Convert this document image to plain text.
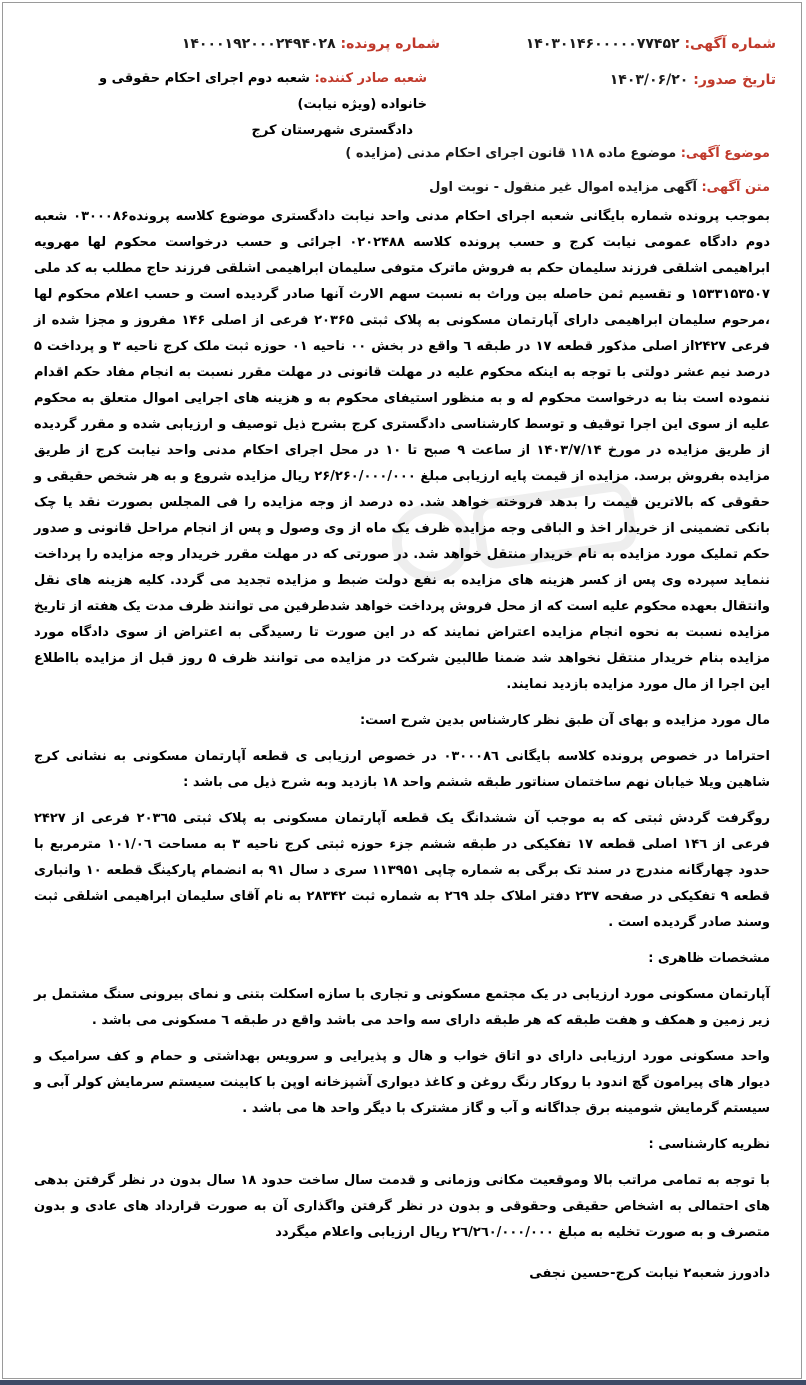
شماره آگهی: ۱۴۰۳۰۱۴۶۰۰۰۰۰۷۷۴۵۲
شماره پرونده: ۱۴۰۰۰۱۹۲۰۰۰۲۴۹۴۰۲۸
تاریخ صدور: ۱۴۰۳/۰۶/۲۰
شعبه صادر کننده: شعبه دوم اجرای احکام حقوقی و خانواده (ویژه نیابت)
دادگستری شهرستان کرج
موضوع آگهی: موضوع ماده ۱۱۸ قانون اجرای احکام مدنی (مزایده )
متن آگهی: آگهی مزایده اموال غیر منقول - نوبت اول

بموجب پرونده شماره بایگانی شعبه اجرای احکام مدنی واحد نیابت دادگستری موضوع کلاسه پرونده۰۳۰۰۰۸۶ شعبه دوم دادگاه عمومی نیابت کرج و حسب پرونده کلاسه ۰۲۰۲۴۸۸ اجرائی و حسب درخواست محکوم لها مهرویه ابراهیمی اشلقی فرزند سلیمان حکم به فروش ماترک متوفی سلیمان ابراهیمی اشلقی فرزند حاج مطلب به کد ملی ۱۵۳۳۱۵۳۵۰۷ و تقسیم ثمن حاصله بین وراث به نسبت سهم الارث آنها صادر گردیده است و حسب اعلام محکوم لها ،مرحوم سلیمان ابراهیمی دارای آپارتمان مسکونی به پلاک ثبتی ۲۰۳۶۵ فرعی از اصلی ۱۴۶ مفروز و مجزا شده از فرعی ۲۴۲۷از اصلی مذکور قطعه ۱۷ در طبقه ٦ واقع در بخش ۰۰ ناحیه ۰۱ حوزه ثبت ملک کرج ناحیه ۳ و پرداخت ۵ درصد نیم عشر دولتی با توجه به اینکه محکوم علیه در مهلت قانونی در مهلت مقرر نسبت به انجام مفاد حکم اقدام ننموده است بنا به درخواست محکوم له و به منظور استیفای محکوم به و هزینه های اجرایی اموال متعلق به محکوم علیه از سوی این اجرا توقیف و توسط کارشناسی دادگستری کرج بشرح ذیل توصیف و ارزیابی شده و مقرر گردیده از طریق مزایده در مورخ ۱۴۰۳/۷/۱۴ از ساعت ۹ صبح تا ۱۰ در محل اجرای احکام مدنی واحد نیابت کرج از طریق مزایده بفروش برسد. مزایده از قیمت پایه ارزیابی مبلغ ۲۶/۲۶۰/۰۰۰/۰۰۰ ریال مزایده شروع و به هر شخص حقیقی و حقوقی که بالاترین قیمت را بدهد فروخته خواهد شد. ده درصد از وجه مزایده را فی المجلس بصورت نقد یا چک بانکی تضمینی از خریدار اخذ و الباقی وجه مزایده ظرف یک ماه از وی وصول و پس از انجام مراحل قانونی و صدور حکم تملیک مورد مزایده به نام خریدار منتقل خواهد شد. در صورتی که در مهلت مقرر خریدار وجه مزایده را پرداخت ننماید سپرده وی پس از کسر هزینه های مزایده به نفع دولت ضبط و مزایده تجدید می گردد. کلیه هزینه های نقل وانتقال بعهده محکوم علیه است که از محل فروش پرداخت خواهد شدطرفین می توانند ظرف مدت یک هفته از تاریخ مزایده نسبت به نحوه انجام مزایده اعتراض نمایند که در این صورت تا رسیدگی به اعتراض از سوی دادگاه مورد مزایده بنام خریدار منتقل نخواهد شد ضمنا طالبین شرکت در مزایده می توانند ظرف ۵ روز قبل از مزایده بااطلاع این اجرا از مال مورد مزایده بازدید نمایند.

مال مورد مزایده و بهای آن طبق نظر کارشناس بدین شرح است:

احتراما در خصوص پرونده کلاسه بایگانی ۰۳۰۰۰۸٦ در خصوص ارزیابی ی قطعه آپارتمان مسکونی به نشانی کرج شاهین ویلا خیابان نهم ساختمان سناتور طبقه ششم واحد ۱۸ بازدید وبه شرح ذیل می باشد :

روگرفت گردش ثبتی که به موجب آن ششدانگ یک قطعه آپارتمان مسکونی به پلاک ثبتی ۲۰۳٦۵ فرعی از ۲۴۲۷ فرعی از ۱۴٦ اصلی قطعه ۱۷ تفکیکی در طبقه ششم جزء حوزه ثبتی کرج ناحیه ۳ به مساحت ۱۰۱/۰٦ مترمربع با حدود چهارگانه مندرج در سند تک برگی به شماره چاپی ۱۱۳۹۵۱ سری د سال ۹۱ به انضمام پارکینگ قطعه ۱۰ وانباری قطعه ۹ تفکیکی در صفحه ۲۳۷ دفتر املاک جلد ۲٦۹ به شماره ثبت ۲۸۳۴۲ به نام آقای سلیمان ابراهیمی اشلقی ثبت وسند صادر گردیده است .

مشخصات ظاهری :

آپارتمان مسکونی مورد ارزیابی در یک مجتمع مسکونی و تجاری با سازه اسکلت بتنی و نمای بیرونی سنگ مشتمل بر زیر زمین و همکف و هفت طبقه که هر طبقه دارای سه واحد می باشد واقع در طبقه ٦ مسکونی می باشد .

واحد مسکونی مورد ارزیابی دارای دو اتاق خواب و هال و پذیرایی و سرویس بهداشتی و حمام و کف سرامیک و دیوار های پیرامون گچ اندود با روکار رنگ روغن و کاغذ دیواری آشپزخانه اوپن با کابینت سیستم سرمایش کولر آبی و سیستم گرمایش شومینه برق جداگانه و آب و گاز مشترک با دیگر واحد ها می باشد .

نظریه کارشناسی :

با توجه به تمامی مراتب بالا وموقعیت مکانی وزمانی و قدمت سال ساخت حدود ۱۸ سال بدون در نظر گرفتن بدهی های احتمالی به اشخاص حقیقی وحقوقی و بدون در نظر گرفتن واگذاری آن به صورت قرارداد های عادی و بدون متصرف و به صورت تخلیه به مبلغ ۲٦/۲٦۰/۰۰۰/۰۰۰ ریال ارزیابی واعلام میگردد

دادورز شعبه۲ نیابت کرج-حسین نجفی
